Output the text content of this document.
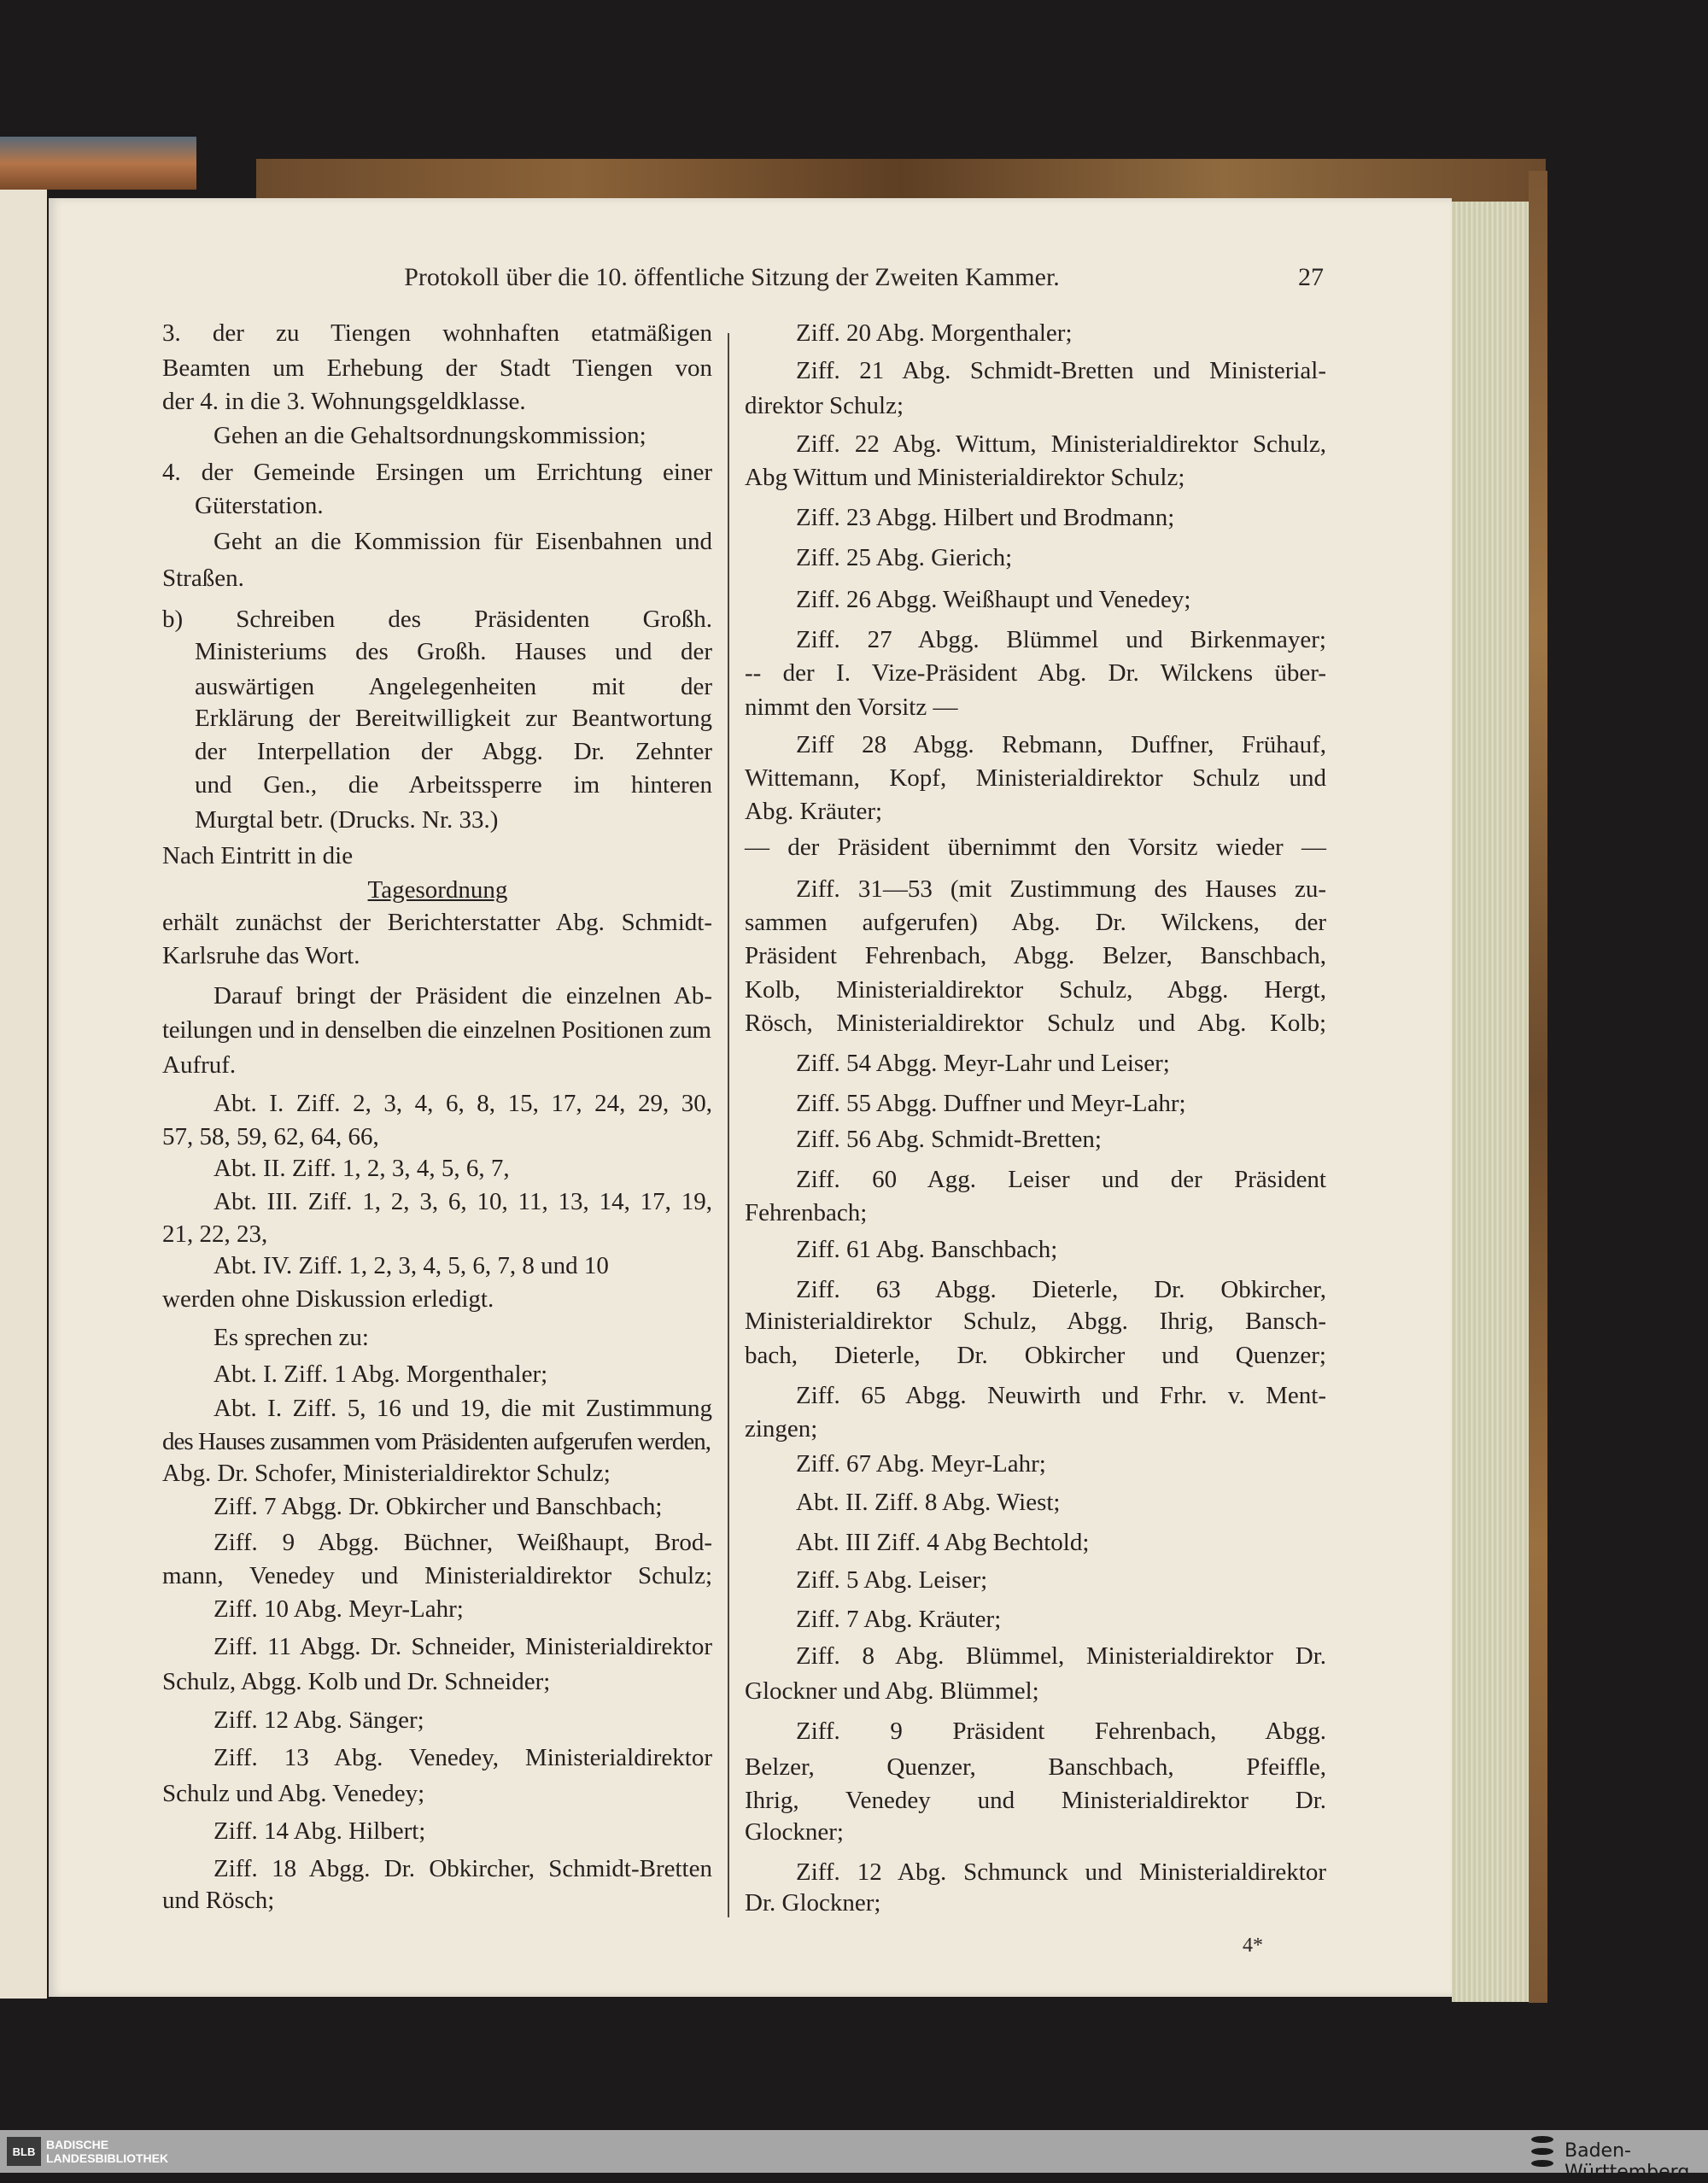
Protokoll über die 10. öffentliche Sitzung der Zweiten Kammer.	27
3. der zu Tiengen wohnhaften etatmäßigen
Beamten um Erhebung der Stadt Tiengen von
der 4. in die 3. Wohnungsgeldklasse.
Gehen an die Gehaltsordnungskommission;
4. der Gemeinde Ersingen um Errichtung einer
Güterstation.
Geht an die Kommission für Eisenbahnen und
Straßen.
b) Schreiben des Präsidenten Großh.
Ministeriums des Großh. Hauses und der
auswärtigen Angelegenheiten mit der
Erklärung der Bereitwilligkeit zur Beantwortung
der Interpellation der Abgg. Dr. Zehnter
und Gen., die Arbeitssperre im hinteren
Murgtal betr. (Drucks. Nr. 33.)
Nach Eintritt in die
Tagesordnung
erhält zunächst der Berichterstatter Abg. Schmidt-
Karlsruhe das Wort.
Darauf bringt der Präsident die einzelnen Ab-
teilungen und in denselben die einzelnen Positionen zum
Aufruf.
Abt. I. Ziff. 2, 3, 4, 6, 8, 15, 17, 24, 29, 30,
57, 58, 59, 62, 64, 66,
Abt. II. Ziff. 1, 2, 3, 4, 5, 6, 7,
Abt. III. Ziff. 1, 2, 3, 6, 10, 11, 13, 14, 17, 19,
21, 22, 23,
Abt. IV. Ziff. 1, 2, 3, 4, 5, 6, 7, 8 und 10
werden ohne Diskussion erledigt.
Es sprechen zu:
Abt. I. Ziff. 1 Abg. Morgenthaler;
Abt. I. Ziff. 5, 16 und 19, die mit Zustimmung
des Hauses zusammen vom Präsidenten aufgerufen werden,
Abg. Dr. Schofer, Ministerialdirektor Schulz;
Ziff. 7 Abgg. Dr. Obkircher und Banschbach;
Ziff. 9 Abgg. Büchner, Weißhaupt, Brod-
mann, Venedey und Ministerialdirektor Schulz;
Ziff. 10 Abg. Meyr-Lahr;
Ziff. 11 Abgg. Dr. Schneider, Ministerialdirektor
Schulz, Abgg. Kolb und Dr. Schneider;
Ziff. 12 Abg. Sänger;
Ziff. 13 Abg. Venedey, Ministerialdirektor
Schulz und Abg. Venedey;
Ziff. 14 Abg. Hilbert;
Ziff. 18 Abgg. Dr. Obkircher, Schmidt-Bretten
und Rösch;
Ziff. 20 Abg. Morgenthaler;
Ziff. 21 Abg. Schmidt-Bretten und Ministerial-
direktor Schulz;
Ziff. 22 Abg. Wittum, Ministerialdirektor Schulz,
Abg Wittum und Ministerialdirektor Schulz;
Ziff. 23 Abgg. Hilbert und Brodmann;
Ziff. 25 Abg. Gierich;
Ziff. 26 Abgg. Weißhaupt und Venedey;
Ziff. 27 Abgg. Blümmel und Birkenmayer;
-- der I. Vize-Präsident Abg. Dr. Wilckens über-
nimmt den Vorsitz —
Ziff 28 Abgg. Rebmann, Duffner, Frühauf,
Wittemann, Kopf, Ministerialdirektor Schulz und
Abg. Kräuter;
— der Präsident übernimmt den Vorsitz wieder —
Ziff. 31—53 (mit Zustimmung des Hauses zu-
sammen aufgerufen) Abg. Dr. Wilckens, der
Präsident Fehrenbach, Abgg. Belzer, Banschbach,
Kolb, Ministerialdirektor Schulz, Abgg. Hergt,
Rösch, Ministerialdirektor Schulz und Abg. Kolb;
Ziff. 54 Abgg. Meyr-Lahr und Leiser;
Ziff. 55 Abgg. Duffner und Meyr-Lahr;
Ziff. 56 Abg. Schmidt-Bretten;
Ziff. 60 Agg. Leiser und der Präsident
Fehrenbach;
Ziff. 61 Abg. Banschbach;
Ziff. 63 Abgg. Dieterle, Dr. Obkircher,
Ministerialdirektor Schulz, Abgg. Ihrig, Bansch-
bach, Dieterle, Dr. Obkircher und Quenzer;
Ziff. 65 Abgg. Neuwirth und Frhr. v. Ment-
zingen;
Ziff. 67 Abg. Meyr-Lahr;
Abt. II. Ziff. 8 Abg. Wiest;
Abt. III Ziff. 4 Abg Bechtold;
Ziff. 5 Abg. Leiser;
Ziff. 7 Abg. Kräuter;
Ziff. 8 Abg. Blümmel, Ministerialdirektor Dr.
Glockner und Abg. Blümmel;
Ziff. 9 Präsident Fehrenbach, Abgg.
Belzer, Quenzer, Banschbach, Pfeiffle,
Ihrig, Venedey und Ministerialdirektor Dr.
Glockner;
Ziff. 12 Abg. Schmunck und Ministerialdirektor
Dr. Glockner;
4*
BLB BADISCHE
LANDESBIBLIOTHEK	Baden-Württemberg
